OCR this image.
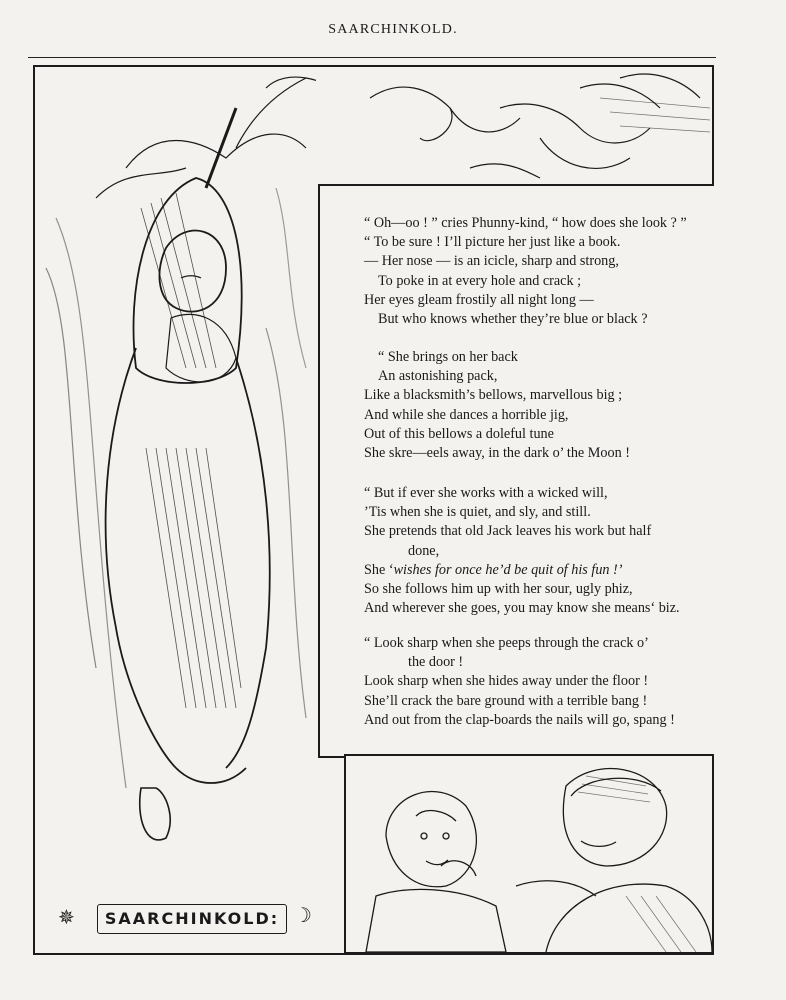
SAARCHINKOLD.

“ Oh—oo ! ” cries Phunny-kind, “ how does she look ? ”

“ To be sure ! I’ll picture her just like a book.

— Her nose — is an icicle, sharp and strong,

To poke in at every hole and crack ;

Her eyes gleam frostily all night long —

But who knows whether they’re blue or black ?

“ She brings on her back

An astonishing pack,

Like a blacksmith’s bellows, marvellous big ;

And while she dances a horrible jig,

Out of this bellows a doleful tune

She skre—eels away, in the dark o’ the Moon !

“ But if ever she works with a wicked will,

’Tis when she is quiet, and sly, and still.

She pretends that old Jack leaves his work but half

done,

She ‘wishes for once he’d be quit of his fun !’

So she follows him up with her sour, ugly phiz,

And wherever she goes, you may know she means‘ biz.

“ Look sharp when she peeps through the crack o’

the door !

Look sharp when she hides away under the floor !

She’ll crack the bare ground with a terrible bang !

And out from the clap-boards the nails will go, spang !

✵	SAARCHINKOLD: ☽
